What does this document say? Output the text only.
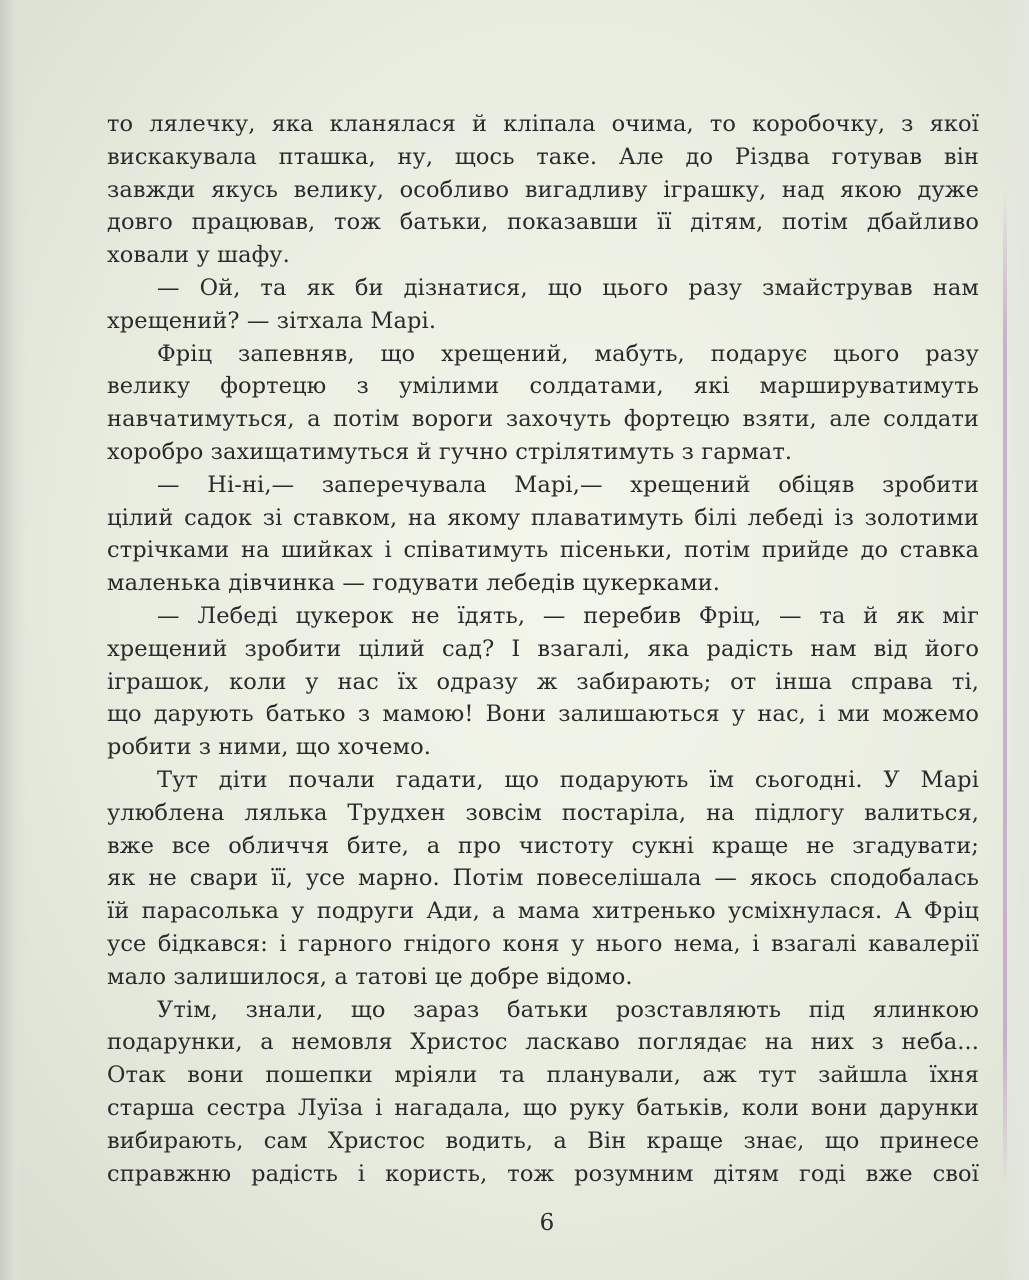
то лялечку, яка кланялася й кліпала очима, то коробочку, з якої
вискакувала пташка, ну, щось таке. Але до Різдва готував він
завжди якусь велику, особливо вигадливу іграшку, над якою дуже
довго працював, тож батьки, показавши її дітям, потім дбайливо
ховали у шафу.
— Ой, та як би дізнатися, що цього разу змайстрував нам
хрещений? — зітхала Марі.
Фріц запевняв, що хрещений, мабуть, подарує цього разу
велику фортецю з умілими солдатами, які маршируватимуть
навчатимуться, а потім вороги захочуть фортецю взяти, але солдати
хоробро захищатимуться й гучно стрілятимуть з гармат.
— Ні-ні,— заперечувала Марі,— хрещений обіцяв зробити
цілий садок зі ставком, на якому плаватимуть білі лебеді із золотими
стрічками на шийках і співатимуть пісеньки, потім прийде до ставка
маленька дівчинка — годувати лебедів цукерками.
— Лебеді цукерок не їдять, — перебив Фріц, — та й як міг
хрещений зробити цілий сад? І взагалі, яка радість нам від його
іграшок, коли у нас їх одразу ж забирають; от інша справа ті,
що дарують батько з мамою! Вони залишаються у нас, і ми можемо
робити з ними, що хочемо.
Тут діти почали гадати, що подарують їм сьогодні. У Марі
улюблена лялька Трудхен зовсім постаріла, на підлогу валиться,
вже все обличчя бите, а про чистоту сукні краще не згадувати;
як не свари її, усе марно. Потім повеселішала — якось сподобалась
їй парасолька у подруги Ади, а мама хитренько усміхнулася. А Фріц
усе бідкався: і гарного гнідого коня у нього нема, і взагалі кавалерії
мало залишилося, а татові це добре відомо.
Утім, знали, що зараз батьки розставляють під ялинкою
подарунки, а немовля Христос ласкаво поглядає на них з неба...
Отак вони пошепки мріяли та планували, аж тут зайшла їхня
старша сестра Луїза і нагадала, що руку батьків, коли вони дарунки
вибирають, сам Христос водить, а Він краще знає, що принесе
справжню радість і користь, тож розумним дітям годі вже свої
6
